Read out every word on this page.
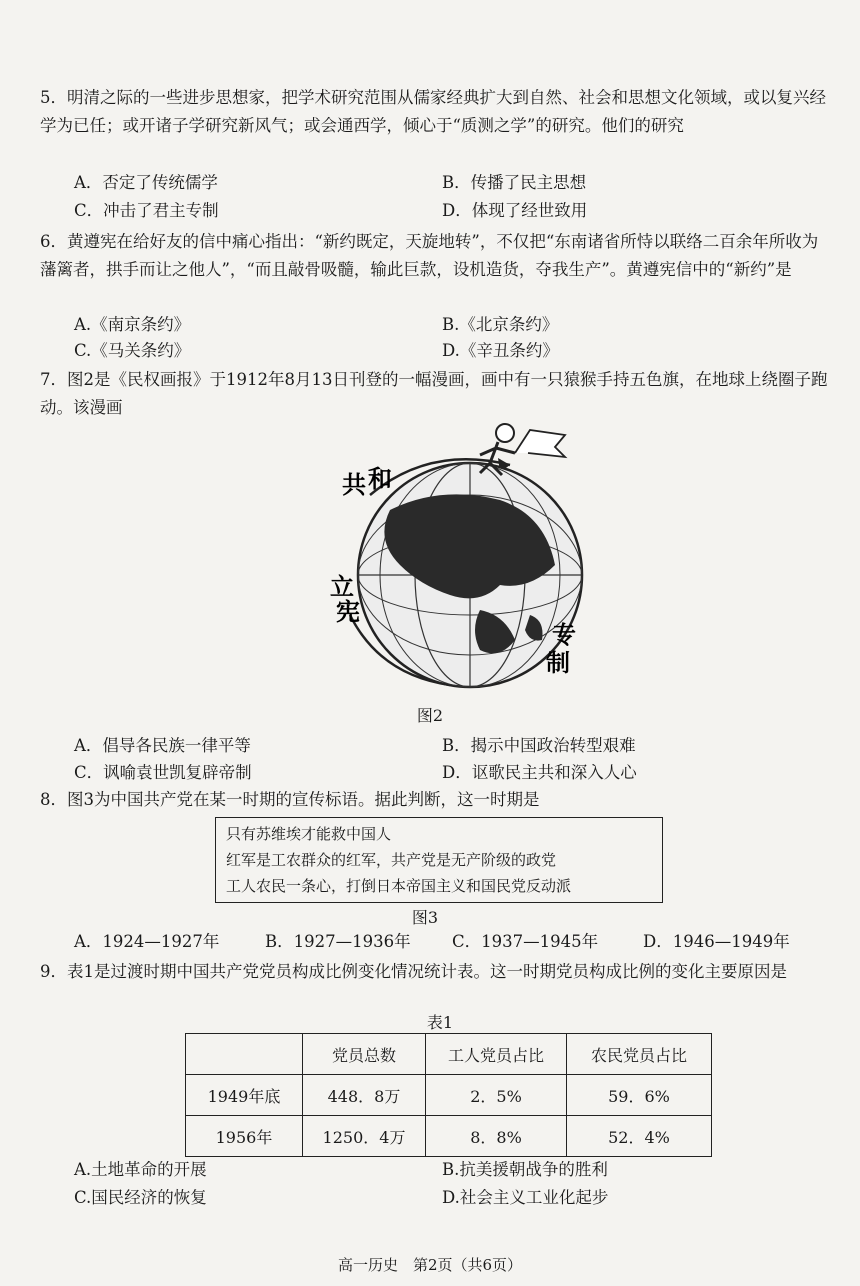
5．明清之际的一些进步思想家，把学术研究范围从儒家经典扩大到自然、社会和思想文化领域，或以复兴经学为已任；或开诸子学研究新风气；或会通西学，倾心于“质测之学”的研究。他们的研究
A．否定了传统儒学	B．传播了民主思想
C．冲击了君主专制	D．体现了经世致用
6．黄遵宪在给好友的信中痛心指出：“新约既定，天旋地转”，不仅把“东南诸省所恃以联络二百余年所收为藩篱者，拱手而让之他人”，“而且敲骨吸髓，输此巨款，设机造货，夺我生产”。黄遵宪信中的“新约”是
A.《南京条约》	B.《北京条约》
C.《马关条约》	D.《辛丑条约》
7．图2是《民权画报》于1912年8月13日刊登的一幅漫画，画中有一只猿猴手持五色旗，在地球上绕圈子跑动。该漫画
共 和
立
宪
专
制
图2
A．倡导各民族一律平等	B．揭示中国政治转型艰难
C．讽喻袁世凯复辟帝制	D．讴歌民主共和深入人心
8．图3为中国共产党在某一时期的宣传标语。据此判断，这一时期是
只有苏维埃才能救中国人
红军是工农群众的红军，共产党是无产阶级的政党
工人农民一条心，打倒日本帝国主义和国民党反动派
图3
A．1924—1927年	B．1927—1936年	C．1937—1945年	D．1946—1949年
9．表1是过渡时期中国共产党党员构成比例变化情况统计表。这一时期党员构成比例的变化主要原因是
表1
	党员总数	工人党员占比	农民党员占比
1949年底	448．8万	2．5%	59．6%
1956年	1250．4万	8．8%	52．4%
A.土地革命的开展	B.抗美援朝战争的胜利
C.国民经济的恢复	D.社会主义工业化起步
高一历史　第2页（共6页）
